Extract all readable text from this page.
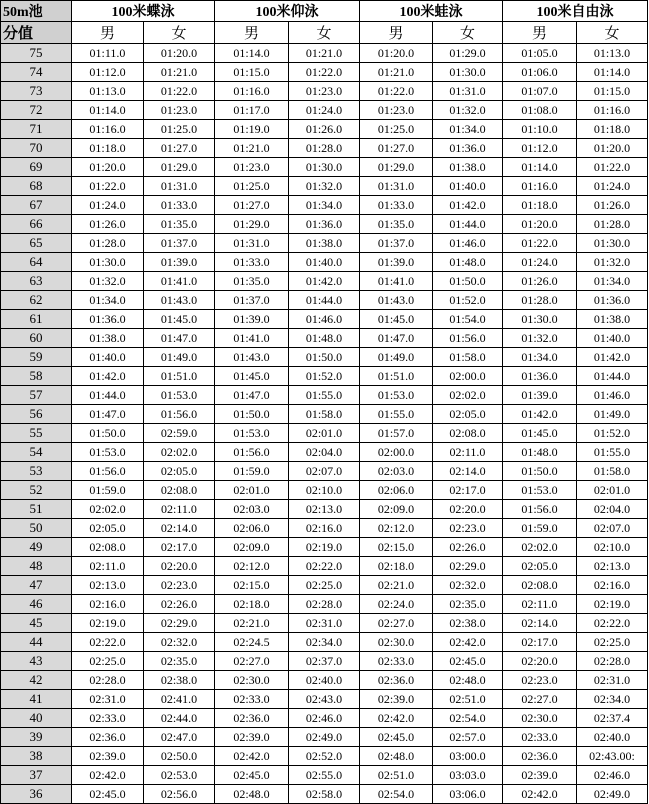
50m池	100米蝶泳		100米仰泳		100米蛙泳		100米自由泳	
分值	男	女	男	女	男	女	男	女
75	01:11.0	01:20.0	01:14.0	01:21.0	01:20.0	01:29.0	01:05.0	01:13.0
74	01:12.0	01:21.0	01:15.0	01:22.0	01:21.0	01:30.0	01:06.0	01:14.0
73	01:13.0	01:22.0	01:16.0	01:23.0	01:22.0	01:31.0	01:07.0	01:15.0
72	01:14.0	01:23.0	01:17.0	01:24.0	01:23.0	01:32.0	01:08.0	01:16.0
71	01:16.0	01:25.0	01:19.0	01:26.0	01:25.0	01:34.0	01:10.0	01:18.0
70	01:18.0	01:27.0	01:21.0	01:28.0	01:27.0	01:36.0	01:12.0	01:20.0
69	01:20.0	01:29.0	01:23.0	01:30.0	01:29.0	01:38.0	01:14.0	01:22.0
68	01:22.0	01:31.0	01:25.0	01:32.0	01:31.0	01:40.0	01:16.0	01:24.0
67	01:24.0	01:33.0	01:27.0	01:34.0	01:33.0	01:42.0	01:18.0	01:26.0
66	01:26.0	01:35.0	01:29.0	01:36.0	01:35.0	01:44.0	01:20.0	01:28.0
65	01:28.0	01:37.0	01:31.0	01:38.0	01:37.0	01:46.0	01:22.0	01:30.0
64	01:30.0	01:39.0	01:33.0	01:40.0	01:39.0	01:48.0	01:24.0	01:32.0
63	01:32.0	01:41.0	01:35.0	01:42.0	01:41.0	01:50.0	01:26.0	01:34.0
62	01:34.0	01:43.0	01:37.0	01:44.0	01:43.0	01:52.0	01:28.0	01:36.0
61	01:36.0	01:45.0	01:39.0	01:46.0	01:45.0	01:54.0	01:30.0	01:38.0
60	01:38.0	01:47.0	01:41.0	01:48.0	01:47.0	01:56.0	01:32.0	01:40.0
59	01:40.0	01:49.0	01:43.0	01:50.0	01:49.0	01:58.0	01:34.0	01:42.0
58	01:42.0	01:51.0	01:45.0	01:52.0	01:51.0	02:00.0	01:36.0	01:44.0
57	01:44.0	01:53.0	01:47.0	01:55.0	01:53.0	02:02.0	01:39.0	01:46.0
56	01:47.0	01:56.0	01:50.0	01:58.0	01:55.0	02:05.0	01:42.0	01:49.0
55	01:50.0	02:59.0	01:53.0	02:01.0	01:57.0	02:08.0	01:45.0	01:52.0
54	01:53.0	02:02.0	01:56.0	02:04.0	02:00.0	02:11.0	01:48.0	01:55.0
53	01:56.0	02:05.0	01:59.0	02:07.0	02:03.0	02:14.0	01:50.0	01:58.0
52	01:59.0	02:08.0	02:01.0	02:10.0	02:06.0	02:17.0	01:53.0	02:01.0
51	02:02.0	02:11.0	02:03.0	02:13.0	02:09.0	02:20.0	01:56.0	02:04.0
50	02:05.0	02:14.0	02:06.0	02:16.0	02:12.0	02:23.0	01:59.0	02:07.0
49	02:08.0	02:17.0	02:09.0	02:19.0	02:15.0	02:26.0	02:02.0	02:10.0
48	02:11.0	02:20.0	02:12.0	02:22.0	02:18.0	02:29.0	02:05.0	02:13.0
47	02:13.0	02:23.0	02:15.0	02:25.0	02:21.0	02:32.0	02:08.0	02:16.0
46	02:16.0	02:26.0	02:18.0	02:28.0	02:24.0	02:35.0	02:11.0	02:19.0
45	02:19.0	02:29.0	02:21.0	02:31.0	02:27.0	02:38.0	02:14.0	02:22.0
44	02:22.0	02:32.0	02:24.5	02:34.0	02:30.0	02:42.0	02:17.0	02:25.0
43	02:25.0	02:35.0	02:27.0	02:37.0	02:33.0	02:45.0	02:20.0	02:28.0
42	02:28.0	02:38.0	02:30.0	02:40.0	02:36.0	02:48.0	02:23.0	02:31.0
41	02:31.0	02:41.0	02:33.0	02:43.0	02:39.0	02:51.0	02:27.0	02:34.0
40	02:33.0	02:44.0	02:36.0	02:46.0	02:42.0	02:54.0	02:30.0	02:37.4
39	02:36.0	02:47.0	02:39.0	02:49.0	02:45.0	02:57.0	02:33.0	02:40.0
38	02:39.0	02:50.0	02:42.0	02:52.0	02:48.0	03:00.0	02:36.0	02:43.00:
37	02:42.0	02:53.0	02:45.0	02:55.0	02:51.0	03:03.0	02:39.0	02:46.0
36	02:45.0	02:56.0	02:48.0	02:58.0	02:54.0	03:06.0	02:42.0	02:49.0
